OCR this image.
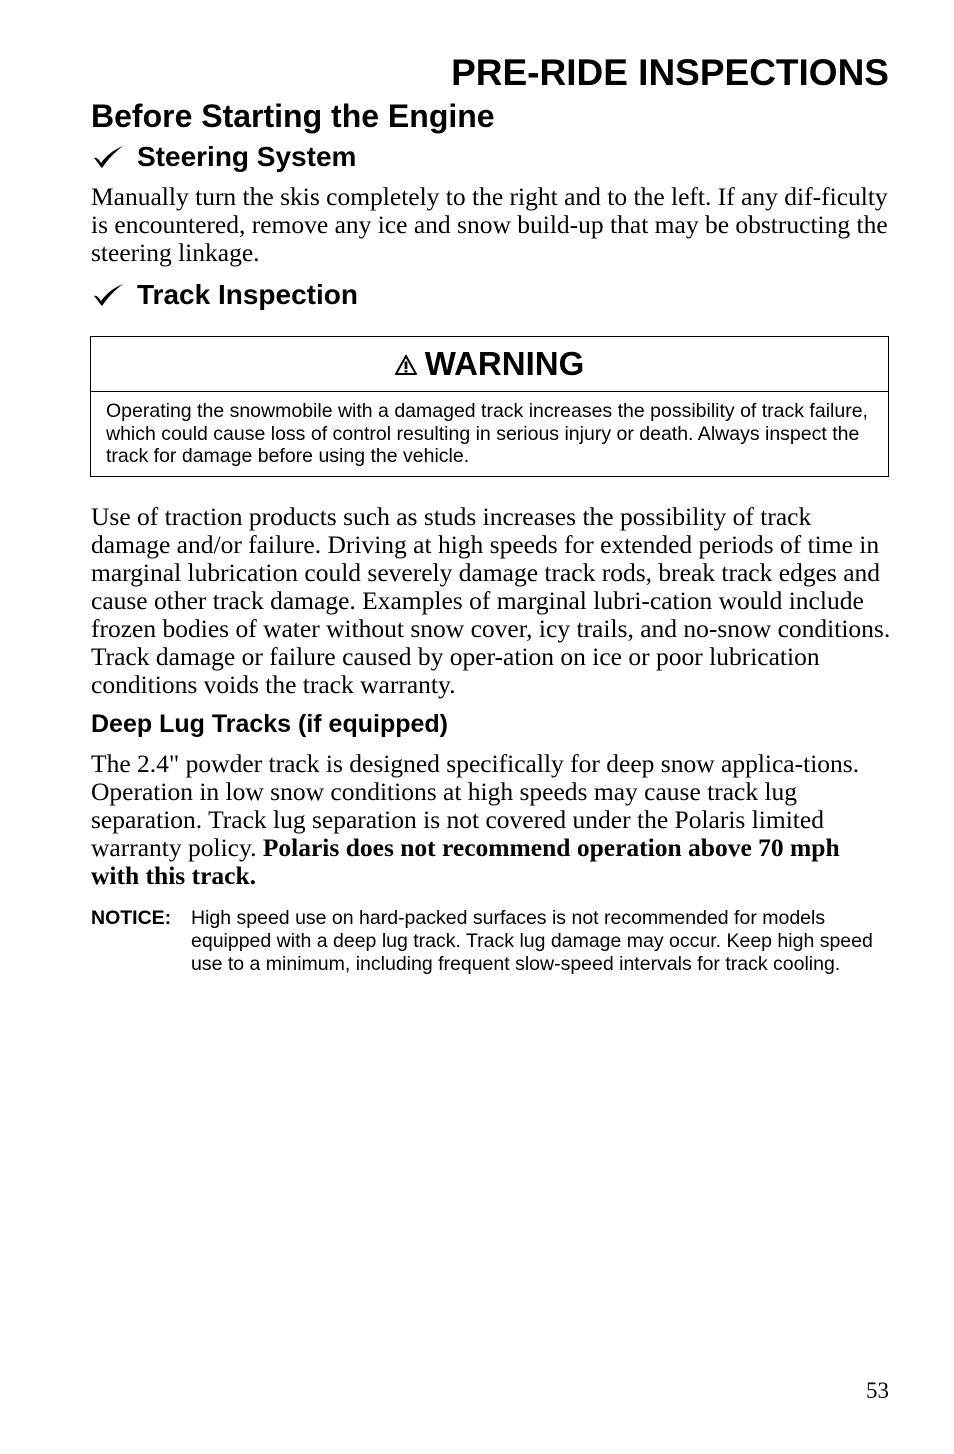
PRE-RIDE INSPECTIONS
Before Starting the Engine
Steering System

Manually turn the skis completely to the right and to the left. If any dif-ficulty is encountered, remove any ice and snow build-up that may be obstructing the steering linkage.

Track Inspection
WARNING

Operating the snowmobile with a damaged track increases the possibility of track failure, which could cause loss of control resulting in serious injury or death. Always inspect the track for damage before using the vehicle.

Use of traction products such as studs increases the possibility of track damage and/or failure. Driving at high speeds for extended periods of time in marginal lubrication could severely damage track rods, break track edges and cause other track damage. Examples of marginal lubri-cation would include frozen bodies of water without snow cover, icy trails, and no-snow conditions. Track damage or failure caused by oper-ation on ice or poor lubrication conditions voids the track warranty.

Deep Lug Tracks (if equipped)

The 2.4" powder track is designed specifically for deep snow applica-tions. Operation in low snow conditions at high speeds may cause track lug separation. Track lug separation is not covered under the Polaris limited warranty policy. Polaris does not recommend operation above 70 mph with this track.

NOTICE:	High speed use on hard-packed surfaces is not recommended for models equipped with a deep lug track. Track lug damage may occur. Keep high speed use to a minimum, including frequent slow-speed intervals for track cooling.
53
